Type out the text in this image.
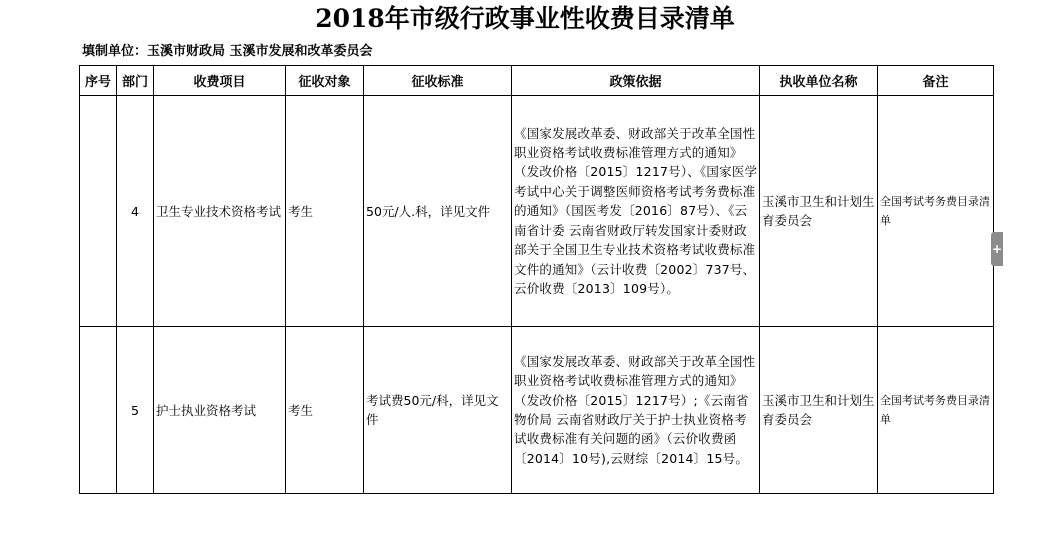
2018年市级行政事业性收费目录清单
填制单位：玉溪市财政局 玉溪市发展和改革委员会
序号	部门	收费项目	征收对象	征收标准	政策依据	执收单位名称	备注
	4	卫生专业技术资格考试	考生	50元/人.科，详见文件	《国家发展改革委、财政部关于改革全国性职业资格考试收费标准管理方式的通知》（发改价格〔2015〕1217号）、《国家医学考试中心关于调整医师资格考试考务费标准的通知》（国医考发〔2016〕87号）、《云南省计委 云南省财政厅转发国家计委财政部关于全国卫生专业技术资格考试收费标准文件的通知》（云计收费〔2002〕737号、云价收费〔2013〕109号）。	玉溪市卫生和计划生育委员会	全国考试考务费目录清单
	5	护士执业资格考试	考生	考试费50元/科，详见文件	《国家发展改革委、财政部关于改革全国性职业资格考试收费标准管理方式的通知》（发改价格〔2015〕1217号）;《云南省物价局 云南省财政厅关于护士执业资格考试收费标准有关问题的函》（云价收费函〔2014〕10号),云财综〔2014〕15号。	玉溪市卫生和计划生育委员会	全国考试考务费目录清单
+
